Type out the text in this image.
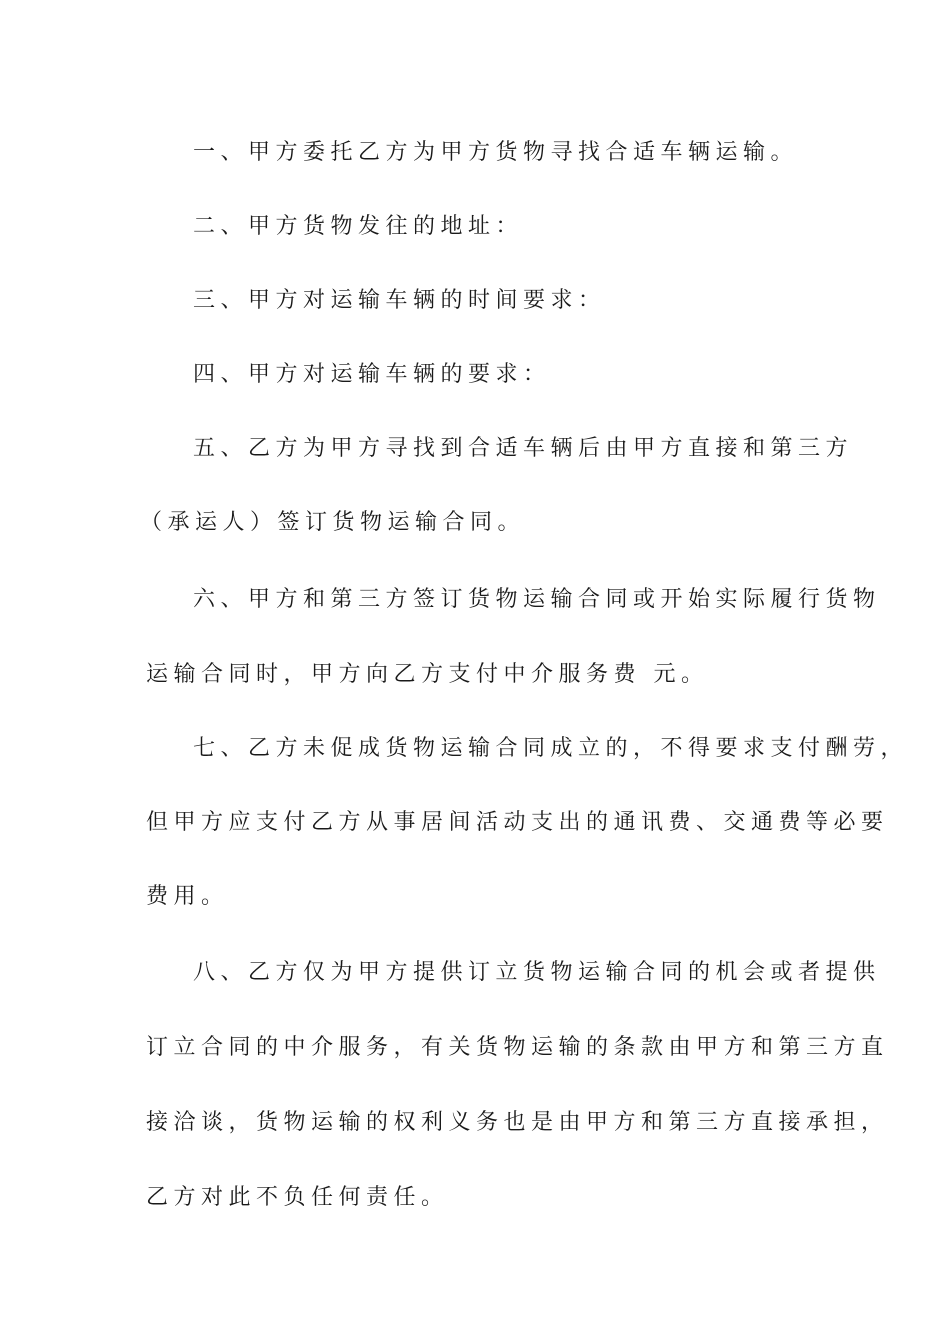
一、甲方委托乙方为甲方货物寻找合适车辆运输。
二、甲方货物发往的地址：
三、甲方对运输车辆的时间要求：
四、甲方对运输车辆的要求：
五、乙方为甲方寻找到合适车辆后由甲方直接和第三方
（承运人）签订货物运输合同。
六、甲方和第三方签订货物运输合同或开始实际履行货物
运输合同时，甲方向乙方支付中介服务费 元。
七、乙方未促成货物运输合同成立的，不得要求支付酬劳，
但甲方应支付乙方从事居间活动支出的通讯费、交通费等必要
费用。
八、乙方仅为甲方提供订立货物运输合同的机会或者提供
订立合同的中介服务，有关货物运输的条款由甲方和第三方直
接洽谈，货物运输的权利义务也是由甲方和第三方直接承担，
乙方对此不负任何责任。
